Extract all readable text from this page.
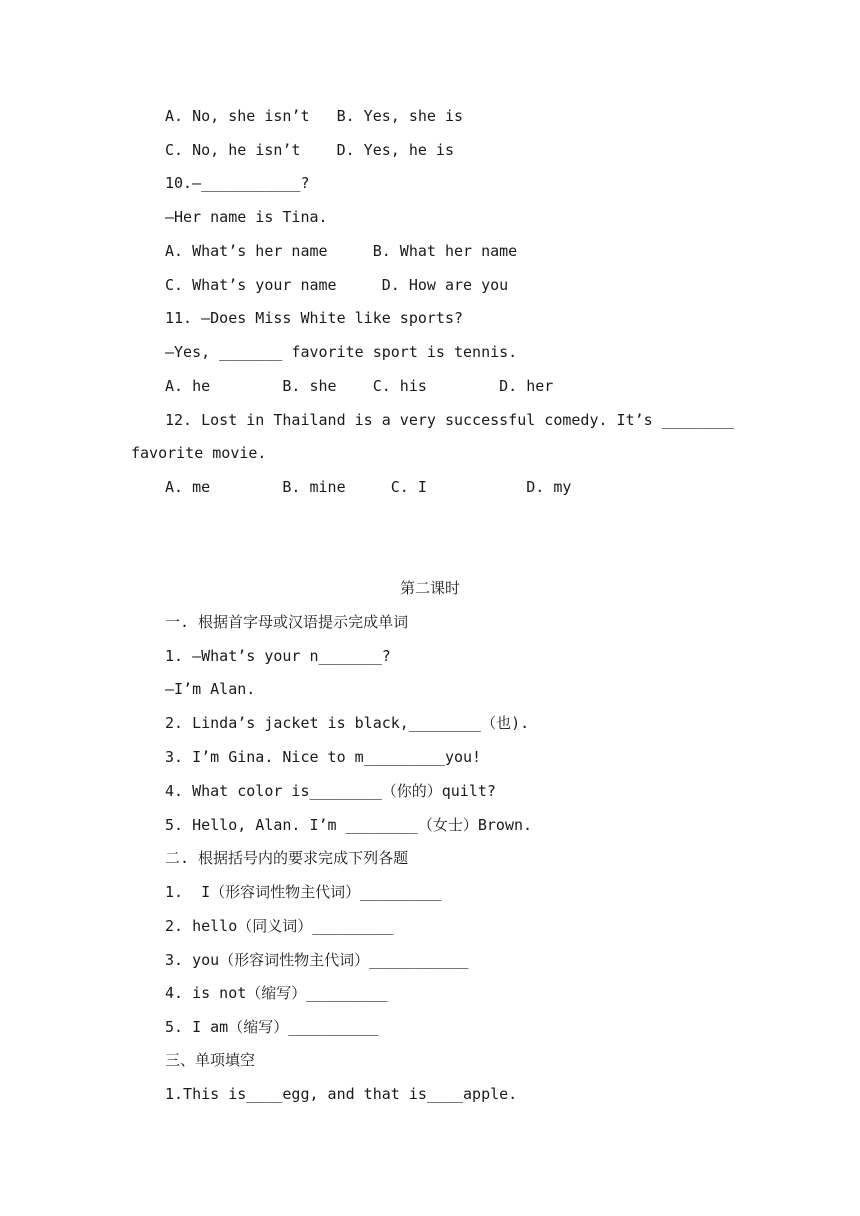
A. No, she isn’t   B. Yes, she is

C. No, he isn’t    D. Yes, he is

10.—___________?

—Her name is Tina.

A. What’s her name     B. What her name

C. What’s your name     D. How are you

11. —Does Miss White like sports?

—Yes, _______ favorite sport is tennis.

A. he        B. she    C. his        D. her

12. Lost in Thailand is a very successful comedy. It’s ________

favorite movie.

A. me        B. mine     C. I           D. my

第二课时

一. 根据首字母或汉语提示完成单词

1. —What’s your n_______?

—I’m Alan.

2. Linda’s jacket is black,________（也).

3. I’m Gina. Nice to m_________you!

4. What color is________（你的）quilt?

5. Hello, Alan. I’m ________（女士）Brown.

二. 根据括号内的要求完成下列各题

1.  I（形容词性物主代词）_________

2. hello（同义词）_________

3. you（形容词性物主代词）___________

4. is not（缩写）_________

5. I am（缩写）__________

三、单项填空

1.This is____egg, and that is____apple.
